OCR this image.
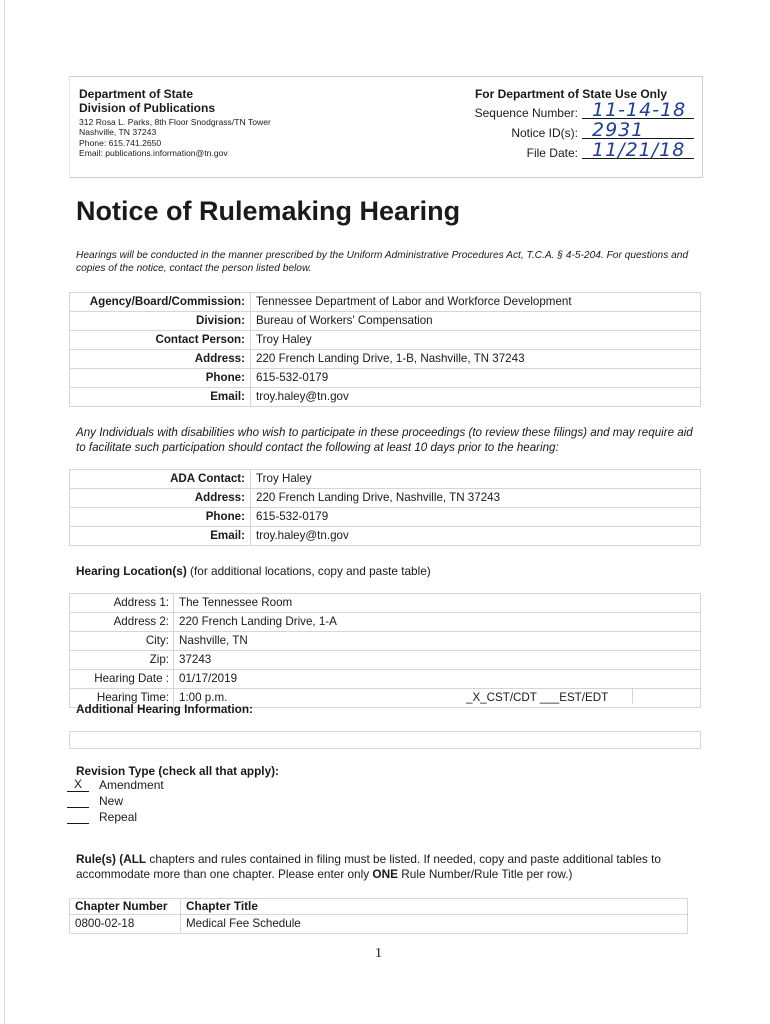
Department of State
Division of Publications
312 Rosa L. Parks, 8th Floor Snodgrass/TN Tower
Nashville, TN 37243
Phone: 615.741.2650
Email: publications.information@tn.gov
For Department of State Use Only
Sequence Number: 11-14-18
Notice ID(s): 2931
File Date: 11/21/18
Notice of Rulemaking Hearing
Hearings will be conducted in the manner prescribed by the Uniform Administrative Procedures Act, T.C.A. § 4-5-204. For questions and copies of the notice, contact the person listed below.
Agency/Board/Commission:	Tennessee Department of Labor and Workforce Development
Division:	Bureau of Workers' Compensation
Contact Person:	Troy Haley
Address:	220 French Landing Drive, 1-B, Nashville, TN 37243
Phone:	615-532-0179
Email:	troy.haley@tn.gov
Any Individuals with disabilities who wish to participate in these proceedings (to review these filings) and may require aid to facilitate such participation should contact the following at least 10 days prior to the hearing:
ADA Contact:	Troy Haley
Address:	220 French Landing Drive, Nashville, TN 37243
Phone:	615-532-0179
Email:	troy.haley@tn.gov
Hearing Location(s) (for additional locations, copy and paste table)
Address 1:	The Tennessee Room
Address 2:	220 French Landing Drive, 1-A
City:	Nashville, TN
Zip:	37243
Hearing Date :	01/17/2019
Hearing Time:	1:00 p.m. _X_CST/CDT ___EST/EDT
Additional Hearing Information:
Revision Type (check all that apply):
X	Amendment
New
Repeal
Rule(s) (ALL chapters and rules contained in filing must be listed. If needed, copy and paste additional tables to accommodate more than one chapter. Please enter only ONE Rule Number/Rule Title per row.)
Chapter Number	Chapter Title
0800-02-18	Medical Fee Schedule
1
